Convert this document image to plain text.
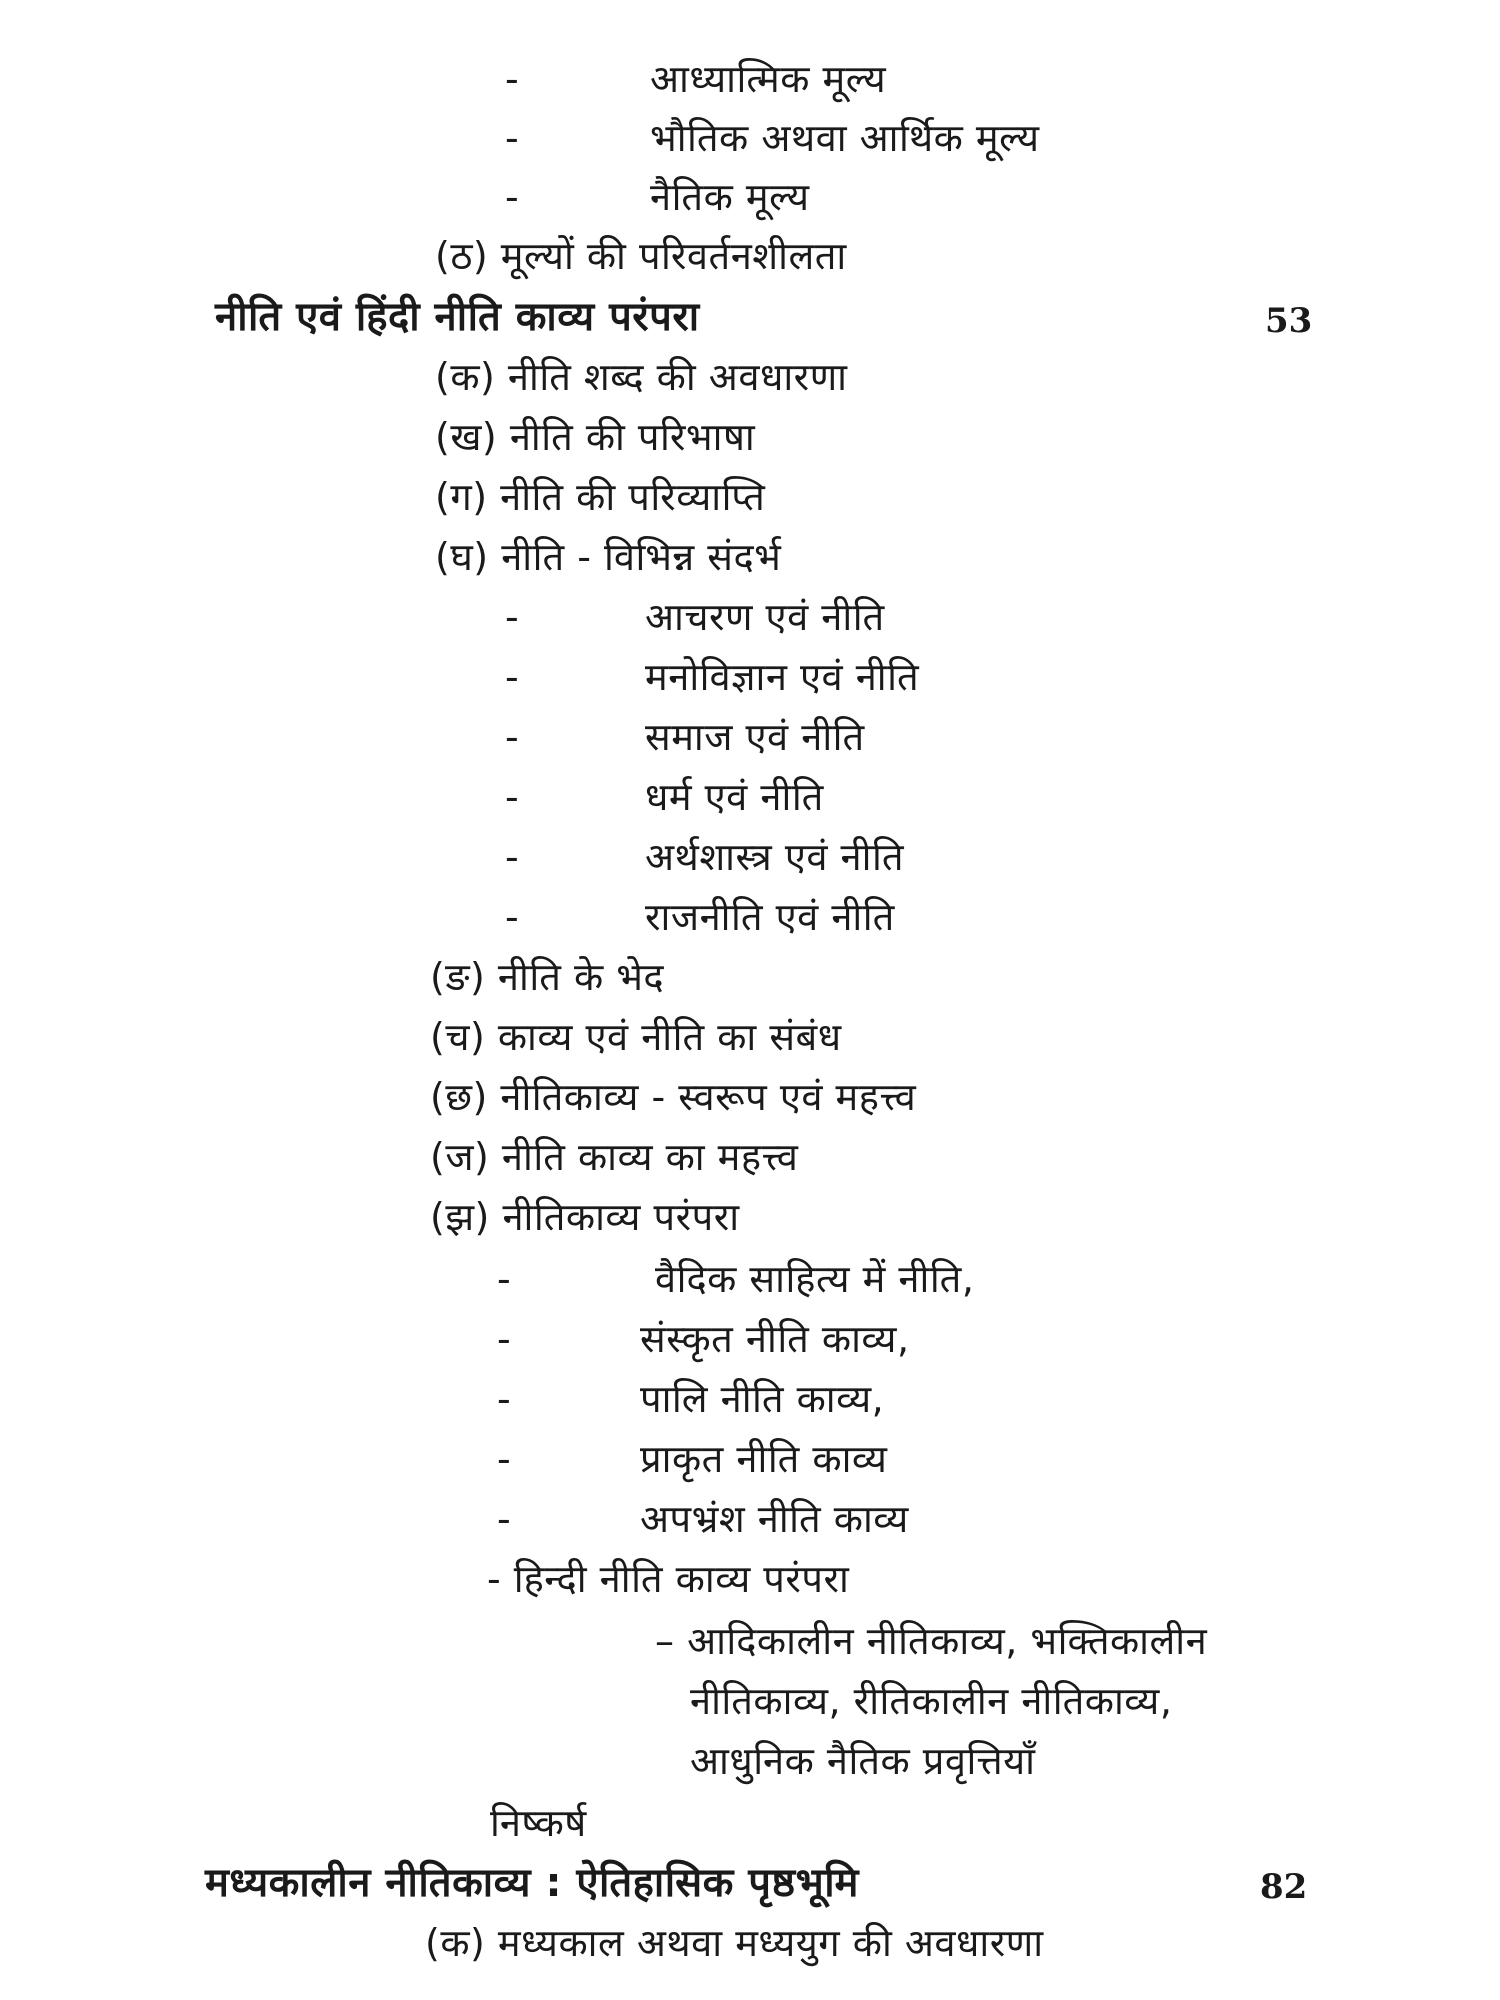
-	आध्यात्मिक मूल्य
-	भौतिक अथवा आर्थिक मूल्य
-	नैतिक मूल्य
(ठ) मूल्यों की परिवर्तनशीलता
नीति एवं हिंदी नीति काव्य परंपरा	53
(क) नीति शब्द की अवधारणा
(ख) नीति की परिभाषा
(ग) नीति की परिव्याप्ति
(घ) नीति - विभिन्न संदर्भ
-	आचरण एवं नीति
-	मनोविज्ञान एवं नीति
-	समाज एवं नीति
-	धर्म एवं नीति
-	अर्थशास्त्र एवं नीति
-	राजनीति एवं नीति
(ङ) नीति के भेद
(च) काव्य एवं नीति का संबंध
(छ) नीतिकाव्य - स्वरूप एवं महत्त्व
(ज) नीति काव्य का महत्त्व
(झ) नीतिकाव्य परंपरा
-	वैदिक साहित्य में नीति,
-	संस्कृत नीति काव्य,
-	पालि नीति काव्य,
-	प्राकृत नीति काव्य
-	अपभ्रंश नीति काव्य
- हिन्दी नीति काव्य परंपरा
– आदिकालीन नीतिकाव्य, भक्तिकालीन
नीतिकाव्य, रीतिकालीन नीतिकाव्य,
आधुनिक नैतिक प्रवृत्तियाँ
निष्कर्ष
मध्यकालीन नीतिकाव्य : ऐतिहासिक पृष्ठभूमि	82
(क) मध्यकाल अथवा मध्ययुग की अवधारणा
